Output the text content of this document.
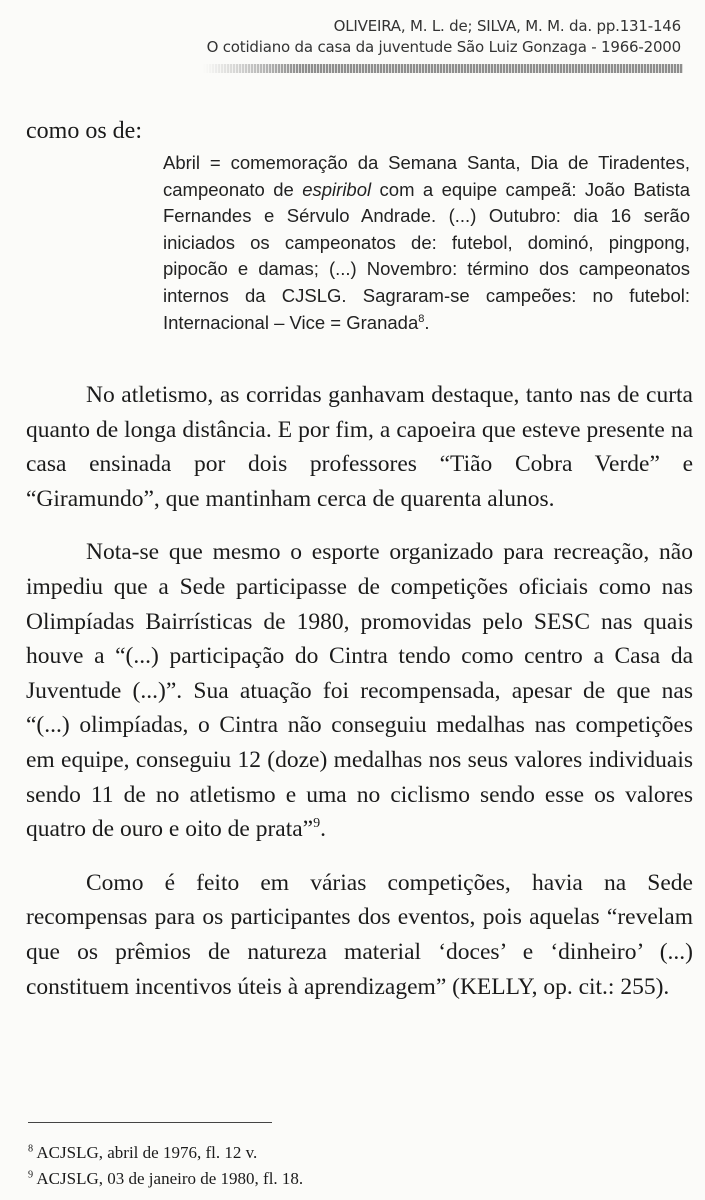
OLIVEIRA, M. L. de; SILVA, M. M. da. pp.131-146
O cotidiano da casa da juventude São Luiz Gonzaga - 1966-2000
como os de:

Abril = comemoração da Semana Santa, Dia de Tiradentes, campeonato de espiribol com a equipe campeã: João Batista Fernandes e Sérvulo Andrade. (...) Outubro: dia 16 serão iniciados os campeonatos de: futebol, dominó, pingpong, pipocão e damas; (...) Novembro: término dos campeonatos internos da CJSLG. Sagraram-se campeões: no futebol: Internacional – Vice = Granada$^8$.

No atletismo, as corridas ganhavam destaque, tanto nas de curta quanto de longa distância. E por fim, a capoeira que esteve presente na casa ensinada por dois professores “Tião Cobra Verde” e “Giramundo”, que mantinham cerca de quarenta alunos.

Nota-se que mesmo o esporte organizado para recreação, não impediu que a Sede participasse de competições oficiais como nas Olimpíadas Bairrísticas de 1980, promovidas pelo SESC nas quais houve a “(...) participação do Cintra tendo como centro a Casa da Juventude (...)”. Sua atuação foi recompensada, apesar de que nas “(...) olimpíadas, o Cintra não conseguiu medalhas nas competições em equipe, conseguiu 12 (doze) medalhas nos seus valores individuais sendo 11 de no atletismo e uma no ciclismo sendo esse os valores quatro de ouro e oito de prata”$^9$.

Como é feito em várias competições, havia na Sede recompensas para os participantes dos eventos, pois aquelas “revelam que os prêmios de natureza material ‘doces’ e ‘dinheiro’ (...) constituem incentivos úteis à aprendizagem” (KELLY, op. cit.: 255).

$^8$ ACJSLG, abril de 1976, fl. 12 v.

$^9$ ACJSLG, 03 de janeiro de 1980, fl. 18.
